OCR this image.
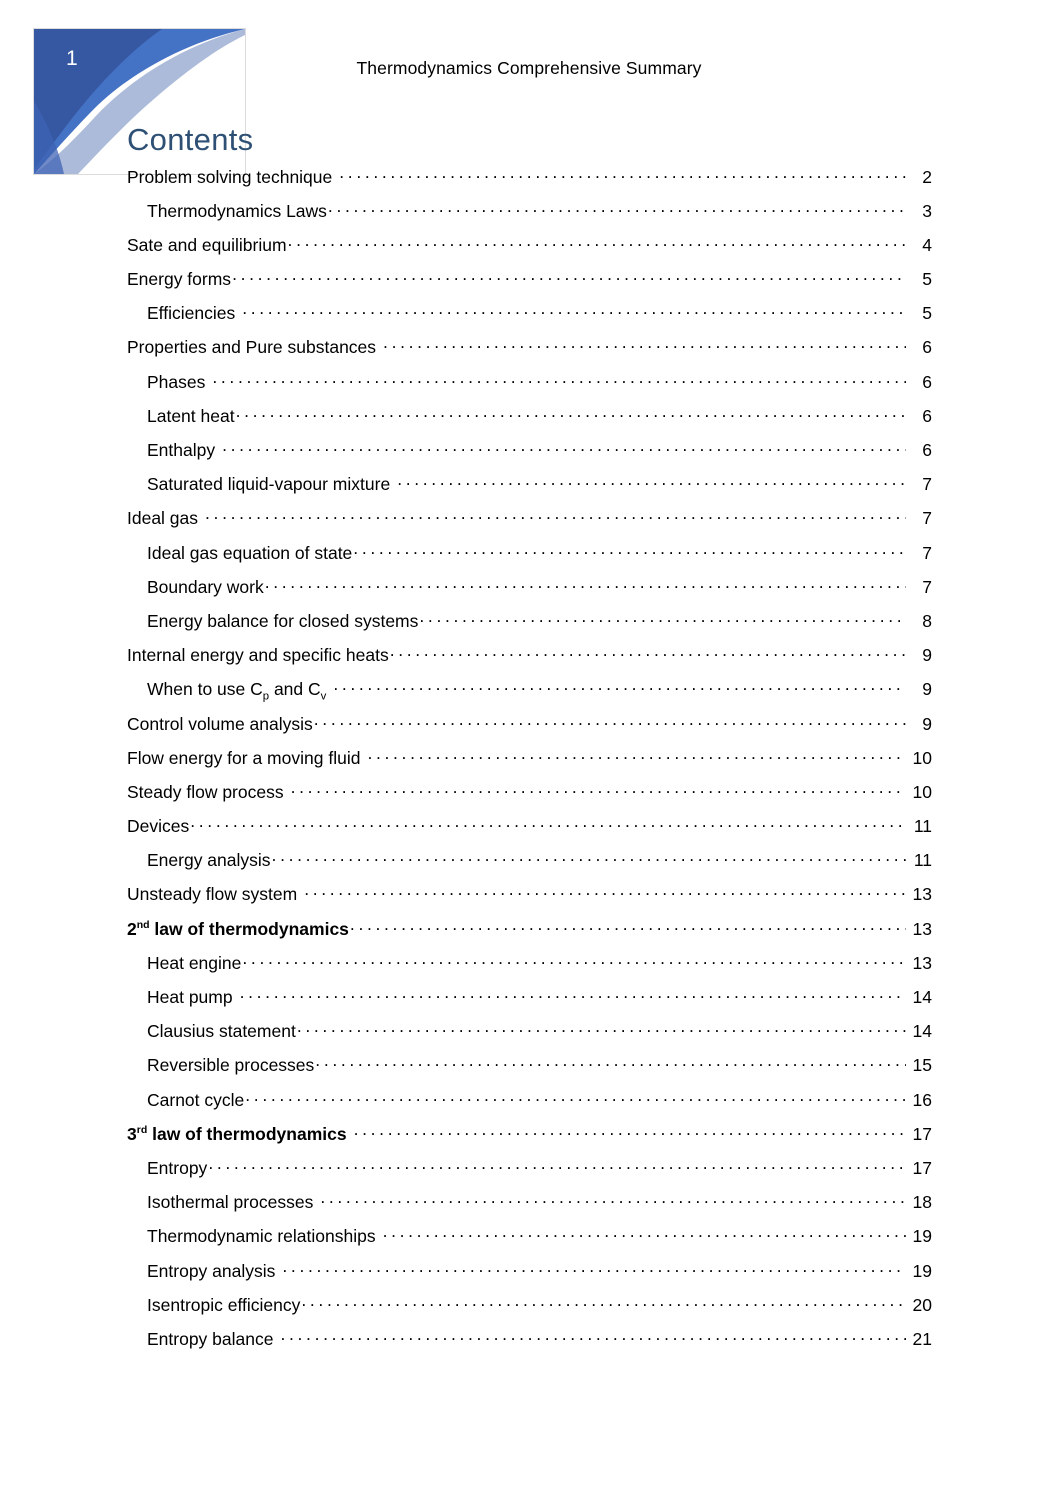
Thermodynamics Comprehensive Summary
1
Contents
Problem solving technique . . .	2
Thermodynamics Laws . . .	3
Sate and equilibrium . . .	4
Energy forms . . .	5
Efficiencies . . .	5
Properties and Pure substances . . .	6
Phases . . .	6
Latent heat . . .	6
Enthalpy . . .	6
Saturated liquid-vapour mixture . . .	7
Ideal gas . . .	7
Ideal gas equation of state . . .	7
Boundary work . . .	7
Energy balance for closed systems . . .	8
Internal energy and specific heats . . .	9
When to use $C_p$ and $C_v$ . . .	9
Control volume analysis . . .	9
Flow energy for a moving fluid . . .	10
Steady flow process . . .	10
Devices . . .	11
Energy analysis . . .	11
Unsteady flow system . . .	13
2nd law of thermodynamics . . .	13
Heat engine . . .	13
Heat pump . . .	14
Clausius statement . . .	14
Reversible processes . . .	15
Carnot cycle . . .	16
3rd law of thermodynamics . . .	17
Entropy . . .	17
Isothermal processes . . .	18
Thermodynamic relationships . . .	19
Entropy analysis . . .	19
Isentropic efficiency . . .	20
Entropy balance . . .	21
